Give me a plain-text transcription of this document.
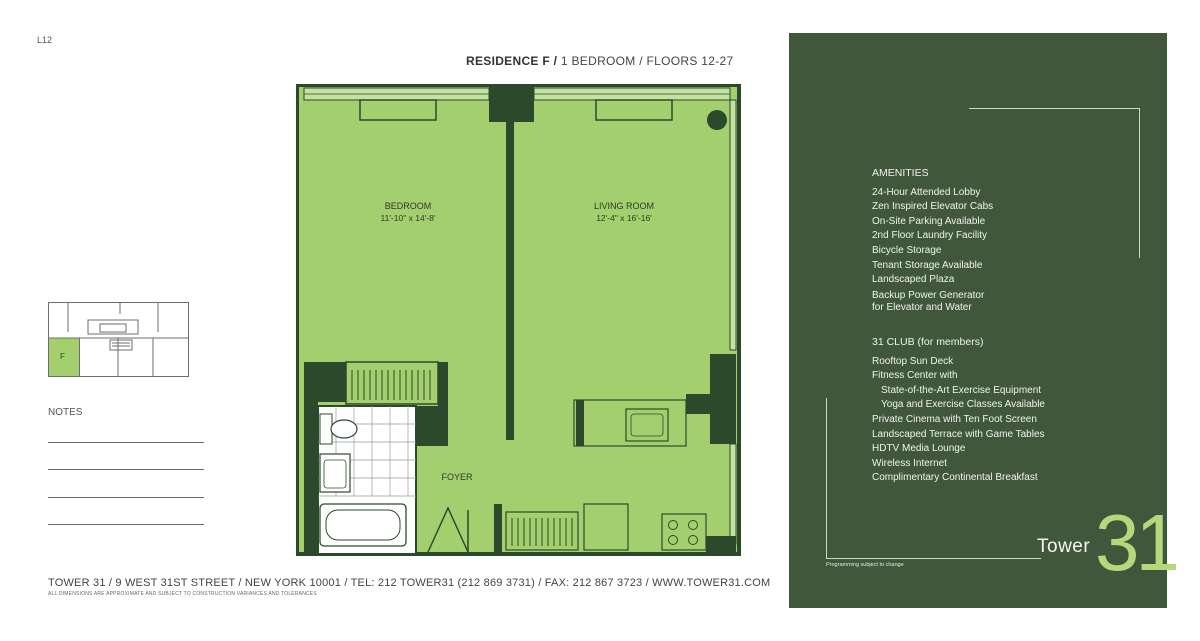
L12
RESIDENCE F / 1 BEDROOM / FLOORS 12-27
F
NOTES
BEDROOM
11'-10" x 14'-8'
LIVING ROOM
12'-4" x 16'-16'
FOYER
TOWER 31 / 9 WEST 31ST STREET / NEW YORK 10001 / TEL: 212 TOWER31 (212 869 3731) / FAX: 212 867 3723 / WWW.TOWER31.COM
ALL DIMENSIONS ARE APPROXIMATE AND SUBJECT TO CONSTRUCTION VARIANCES AND TOLERANCES
AMENITIES
24-Hour Attended Lobby
Zen Inspired Elevator Cabs
On-Site Parking Available
2nd Floor Laundry Facility
Bicycle Storage
Tenant Storage Available
Landscaped Plaza
Backup Power Generator
for Elevator and Water
31 CLUB (for members)
Rooftop Sun Deck
Fitness Center with
State-of-the-Art Exercise Equipment
Yoga and Exercise Classes Available
Private Cinema with Ten Foot Screen
Landscaped Terrace with Game Tables
HDTV Media Lounge
Wireless Internet
Complimentary Continental Breakfast
Programming subject to change
Tower 31
